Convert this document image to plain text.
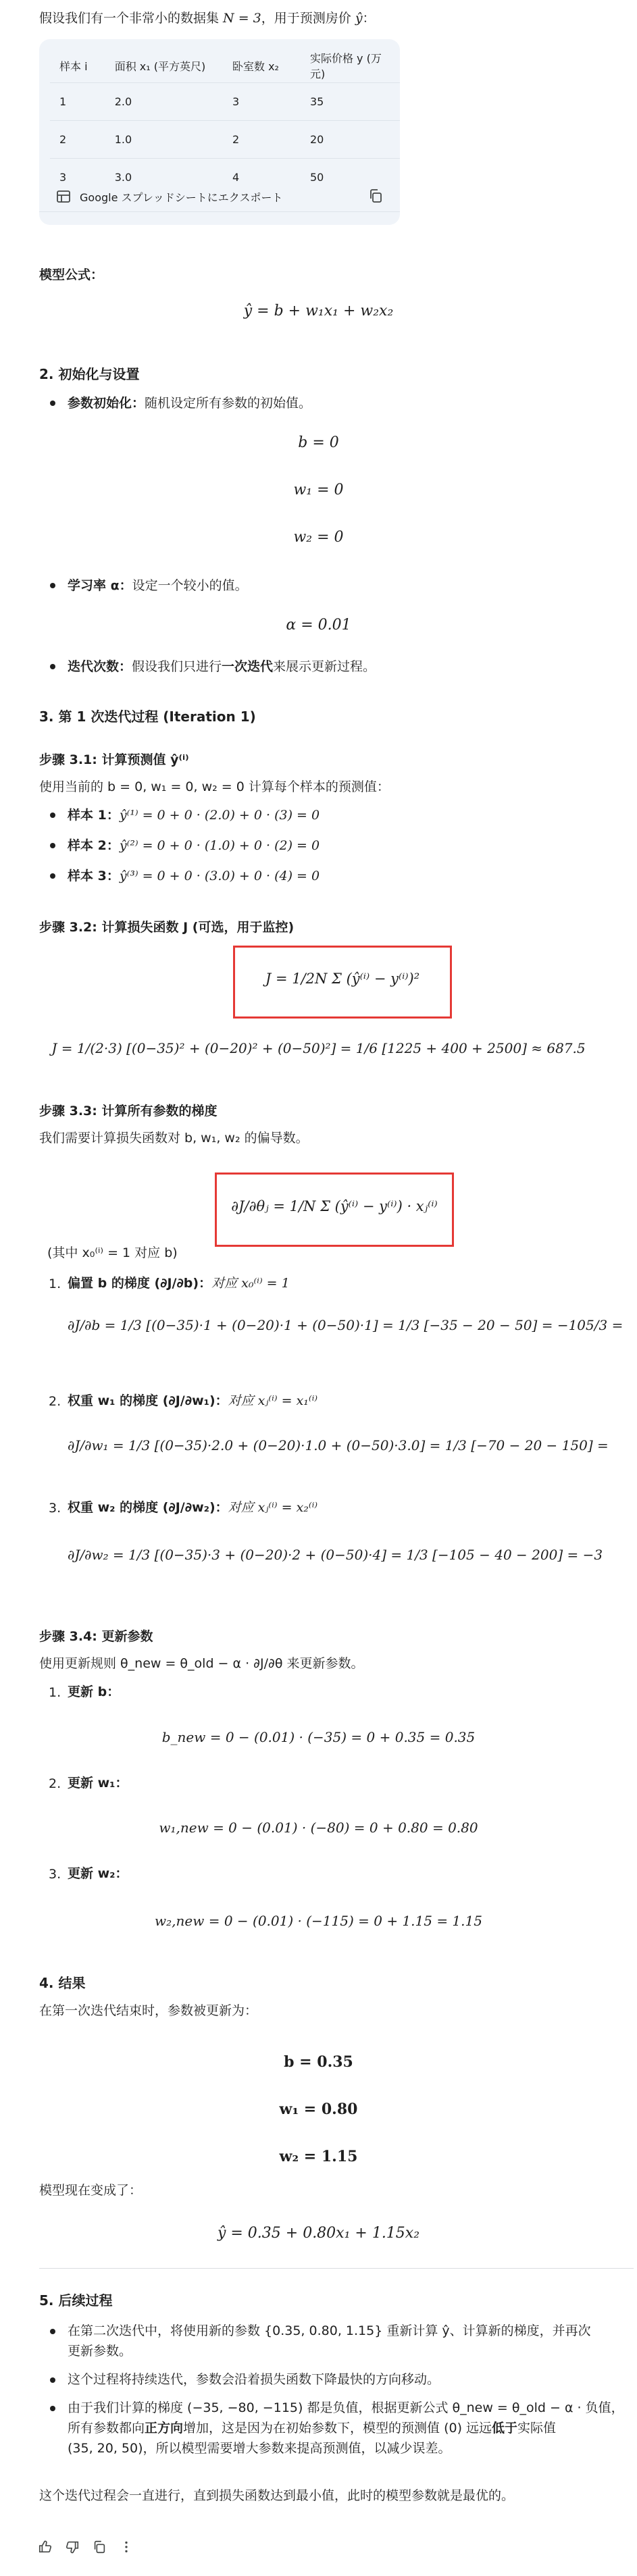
假设我们有一个非常小的数据集 N = 3，用于预测房价 ŷ：
样本 i	面积 x₁ (平方英尺)	卧室数 x₂	实际价格 y (万元)
1	2.0	3	35
2	1.0	2	20
3	3.0	4	50
Google スプレッドシートにエクスポート
模型公式：
ŷ = b + w₁x₁ + w₂x₂
2. 初始化与设置
参数初始化：随机设定所有参数的初始值。
b = 0
w₁ = 0
w₂ = 0
学习率 α：设定一个较小的值。
α = 0.01
迭代次数：假设我们只进行一次迭代来展示更新过程。
3. 第 1 次迭代过程 (Iteration 1)
步骤 3.1: 计算预测值 ŷ⁽ⁱ⁾
使用当前的 b = 0, w₁ = 0, w₂ = 0 计算每个样本的预测值：
样本 1：ŷ⁽¹⁾ = 0 + 0 · (2.0) + 0 · (3) = 0
样本 2：ŷ⁽²⁾ = 0 + 0 · (1.0) + 0 · (2) = 0
样本 3：ŷ⁽³⁾ = 0 + 0 · (3.0) + 0 · (4) = 0
步骤 3.2: 计算损失函数 J (可选，用于监控)
J = 1/2N Σ (ŷ⁽ⁱ⁾ − y⁽ⁱ⁾)²
J = 1/(2·3) [(0−35)² + (0−20)² + (0−50)²] = 1/6 [1225 + 400 + 2500] ≈ 687.5
步骤 3.3: 计算所有参数的梯度
我们需要计算损失函数对 b, w₁, w₂ 的偏导数。
∂J/∂θⱼ = 1/N Σ (ŷ⁽ⁱ⁾ − y⁽ⁱ⁾) · xⱼ⁽ⁱ⁾
(其中 x₀⁽ⁱ⁾ = 1 对应 b)
1. 偏置 b 的梯度 (∂J/∂b)：对应 x₀⁽ⁱ⁾ = 1
∂J/∂b = 1/3 [(0−35)·1 + (0−20)·1 + (0−50)·1] = 1/3 [−35 − 20 − 50] = −105/3 =
2. 权重 w₁ 的梯度 (∂J/∂w₁)：对应 xⱼ⁽ⁱ⁾ = x₁⁽ⁱ⁾
∂J/∂w₁ = 1/3 [(0−35)·2.0 + (0−20)·1.0 + (0−50)·3.0] = 1/3 [−70 − 20 − 150] =
3. 权重 w₂ 的梯度 (∂J/∂w₂)：对应 xⱼ⁽ⁱ⁾ = x₂⁽ⁱ⁾
∂J/∂w₂ = 1/3 [(0−35)·3 + (0−20)·2 + (0−50)·4] = 1/3 [−105 − 40 − 200] = −3
步骤 3.4: 更新参数
使用更新规则 θ_new = θ_old − α · ∂J/∂θ 来更新参数。
1. 更新 b：
b_new = 0 − (0.01) · (−35) = 0 + 0.35 = 0.35
2. 更新 w₁：
w₁,new = 0 − (0.01) · (−80) = 0 + 0.80 = 0.80
3. 更新 w₂：
w₂,new = 0 − (0.01) · (−115) = 0 + 1.15 = 1.15
4. 结果
在第一次迭代结束时，参数被更新为：
b = 0.35
w₁ = 0.80
w₂ = 1.15
模型现在变成了：
ŷ = 0.35 + 0.80x₁ + 1.15x₂
5. 后续过程
在第二次迭代中，将使用新的参数 {0.35, 0.80, 1.15} 重新计算 ŷ、计算新的梯度，并再次
更新参数。
这个过程将持续迭代，参数会沿着损失函数下降最快的方向移动。
由于我们计算的梯度 (−35, −80, −115) 都是负值，根据更新公式 θ_new = θ_old − α · 负值，
所有参数都向正方向增加，这是因为在初始参数下，模型的预测值 (0) 远远低于实际值
(35, 20, 50)，所以模型需要增大参数来提高预测值，以减少误差。
这个迭代过程会一直进行，直到损失函数达到最小值，此时的模型参数就是最优的。
